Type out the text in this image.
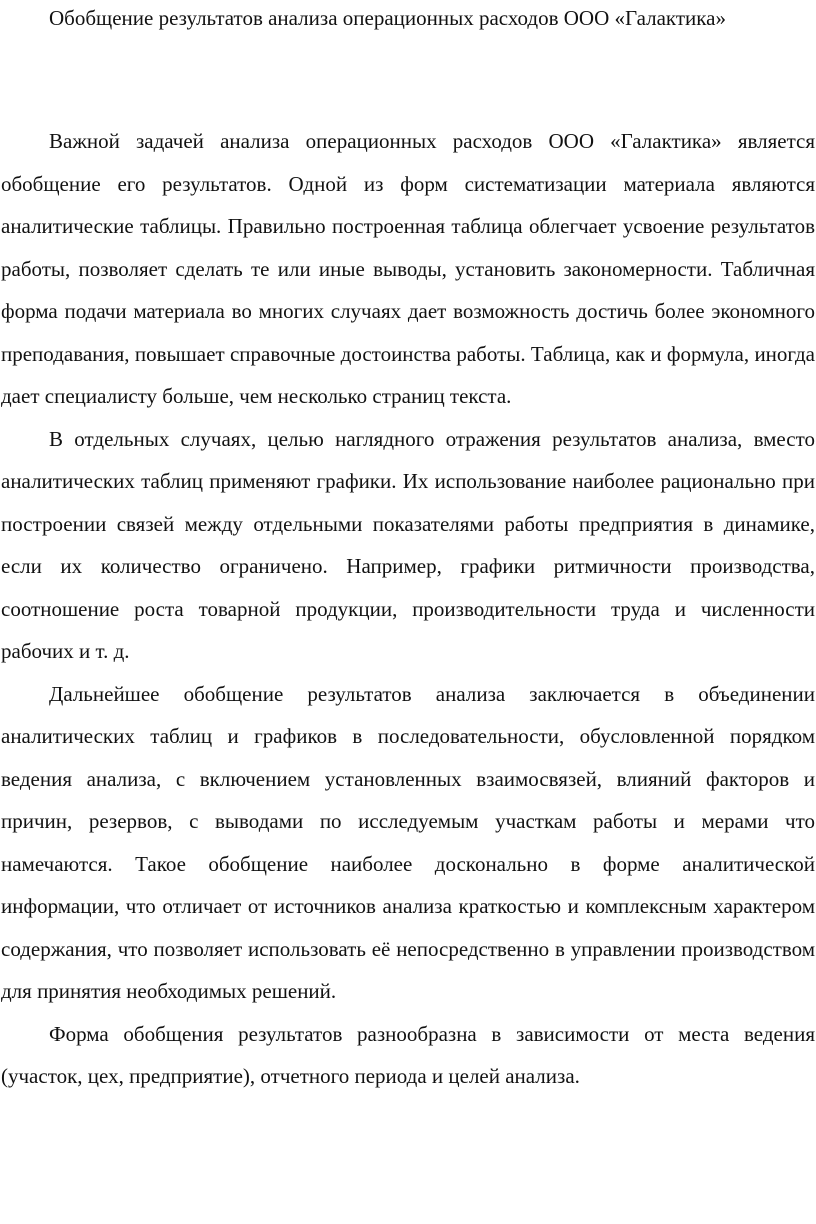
Обобщение результатов анализа операционных расходов ООО «Галактика»

Важной задачей анализа операционных расходов ООО «Галактика» является обобщение его результатов. Одной из форм систематизации материала являются аналитические таблицы. Правильно построенная таблица облегчает усвоение результатов работы, позволяет сделать те или иные выводы, установить закономерности. Табличная форма подачи материала во многих случаях дает возможность достичь более экономного преподавания, повышает справочные достоинства работы. Таблица, как и формула, иногда дает специалисту больше, чем несколько страниц текста.

В отдельных случаях, целью наглядного отражения результатов анализа, вместо аналитических таблиц применяют графики. Их использование наиболее рационально при построении связей между отдельными показателями работы предприятия в динамике, если их количество ограничено. Например, графики ритмичности производства, соотношение роста товарной продукции, производительности труда и численности рабочих и т. д.

Дальнейшее обобщение результатов анализа заключается в объединении аналитических таблиц и графиков в последовательности, обусловленной порядком ведения анализа, с включением установленных взаимосвязей, влияний факторов и причин, резервов, с выводами по исследуемым участкам работы и мерами что намечаются. Такое обобщение наиболее досконально в форме аналитической информации, что отличает от источников анализа краткостью и комплексным характером содержания, что позволяет использовать её непосредственно в управлении производством для принятия необходимых решений.

Форма обобщения результатов разнообразна в зависимости от места ведения (участок, цех, предприятие), отчетного периода и целей анализа.
